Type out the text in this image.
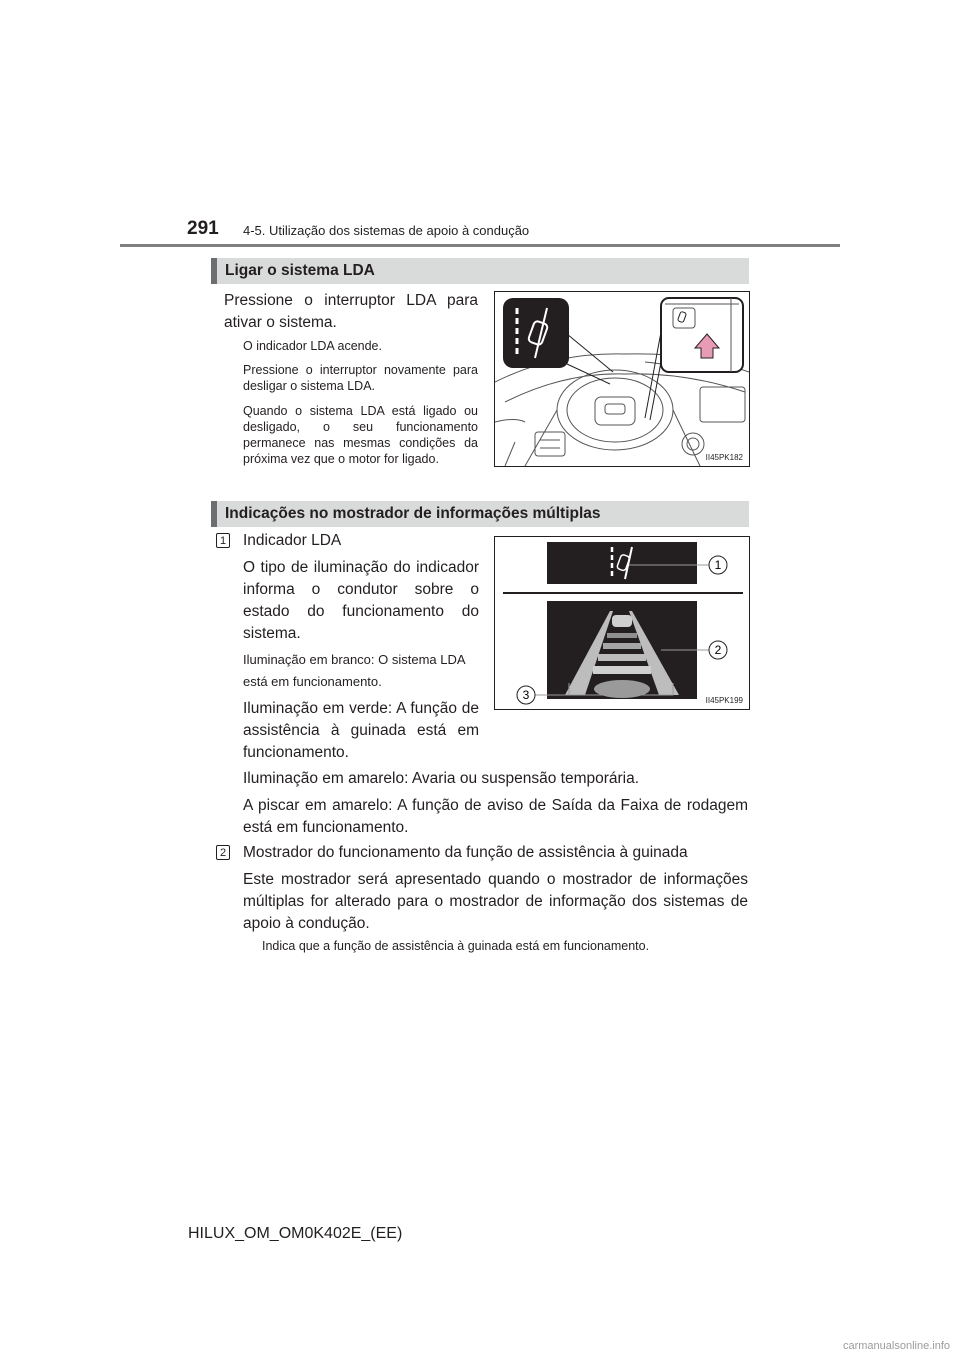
291 4-5. Utilização dos sistemas de apoio à condução
Ligar o sistema LDA
Pressione o interruptor LDA para ativar o sistema.
O indicador LDA acende.
Pressione o interruptor novamente para desligar o sistema LDA.
Quando o sistema LDA está ligado ou desligado, o seu funcionamento permanece nas mesmas condições da próxima vez que o motor for ligado.	II45PK182
Indicações no mostrador de informações múltiplas
1 Indicador LDA
O tipo de iluminação do indicador informa o condutor sobre o estado do funcionamento do sistema.
Iluminação em branco: O sistema LDA está em funcionamento.
Iluminação em verde: A função de assistência à guinada está em funcionamento.
Iluminação em amarelo: Avaria ou suspensão temporária.
A piscar em amarelo: A função de aviso de Saída da Faixa de rodagem está em funcionamento.
2 Mostrador do funcionamento da função de assistência à guinada
Este mostrador será apresentado quando o mostrador de informações múltiplas for alterado para o mostrador de informação dos sistemas de apoio à condução.
Indica que a função de assistência à guinada está em funcionamento.
1
2
3	II45PK199
HILUX_OM_OM0K402E_(EE)
carmanualsonline.info
